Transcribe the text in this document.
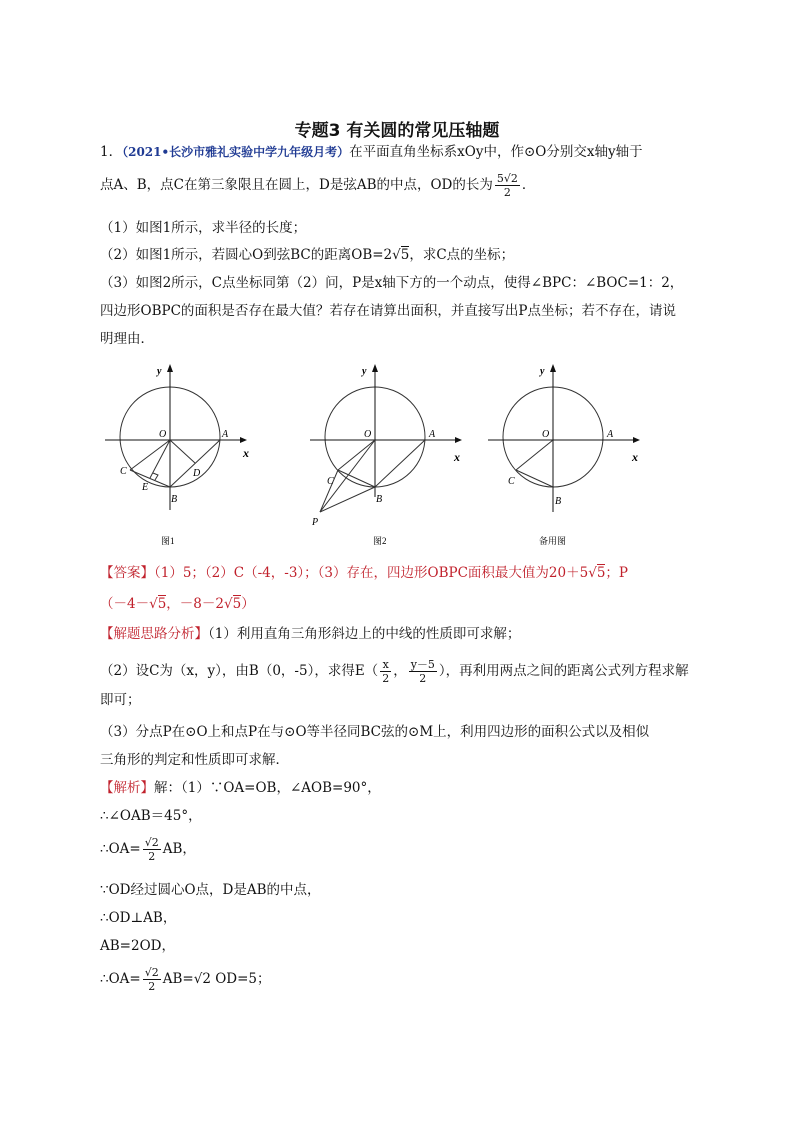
专题3 有关圆的常见压轴题
1．（2021•长沙市雅礼实验中学九年级月考）在平面直角坐标系xOy中，作⊙O分别交x轴y轴于
点A、B，点C在第三象限且在圆上，D是弦AB的中点，OD的长为 $\frac{5√2}{2}$ ．
（1）如图1所示，求半径的长度；
（2）如图1所示，若圆心O到弦BC的距离OB=2√5，求C点的坐标；
（3）如图2所示，C点坐标同第（2）问，P是x轴下方的一个动点，使得∠BPC：∠BOC=1：2，
四边形OBPC的面积是否存在最大值？若存在请算出面积，并直接写出P点坐标；若不存在，请说
明理由．
y
O	A
x
C
E
B
D
图1
y
O	A
x
C
B
P
图2
y
O	A
x
C
B
备用图
【答案】（1）5；（2）C（-4，-3）；（3）存在，四边形OBPC面积最大值为20＋5√5；P
（－4－√5，－8－2√5）
【解题思路分析】（1）利用直角三角形斜边上的中线的性质即可求解；
（2）设C为（x，y），由B（0，-5），求得$E( \frac{x}{2}$ ， $\frac{y-5}{2}$ ），再利用两点之间的距离公式列方程求解
即可；
（3）分点P在⊙O上和点P在与⊙O等半径同BC弦的⊙M上，利用四边形的面积公式以及相似
三角形的判定和性质即可求解．
【解析】解：（1）∵OA=OB，∠AOB=90°，
∴∠OAB＝45°，
∴OA= $\frac{√2}{2}$ AB，
∵OD经过圆心O点，D是AB的中点，
∴OD⊥AB，
AB=2OD，
∴OA= $\frac{√2}{2} AB=√2$ OD=5；
